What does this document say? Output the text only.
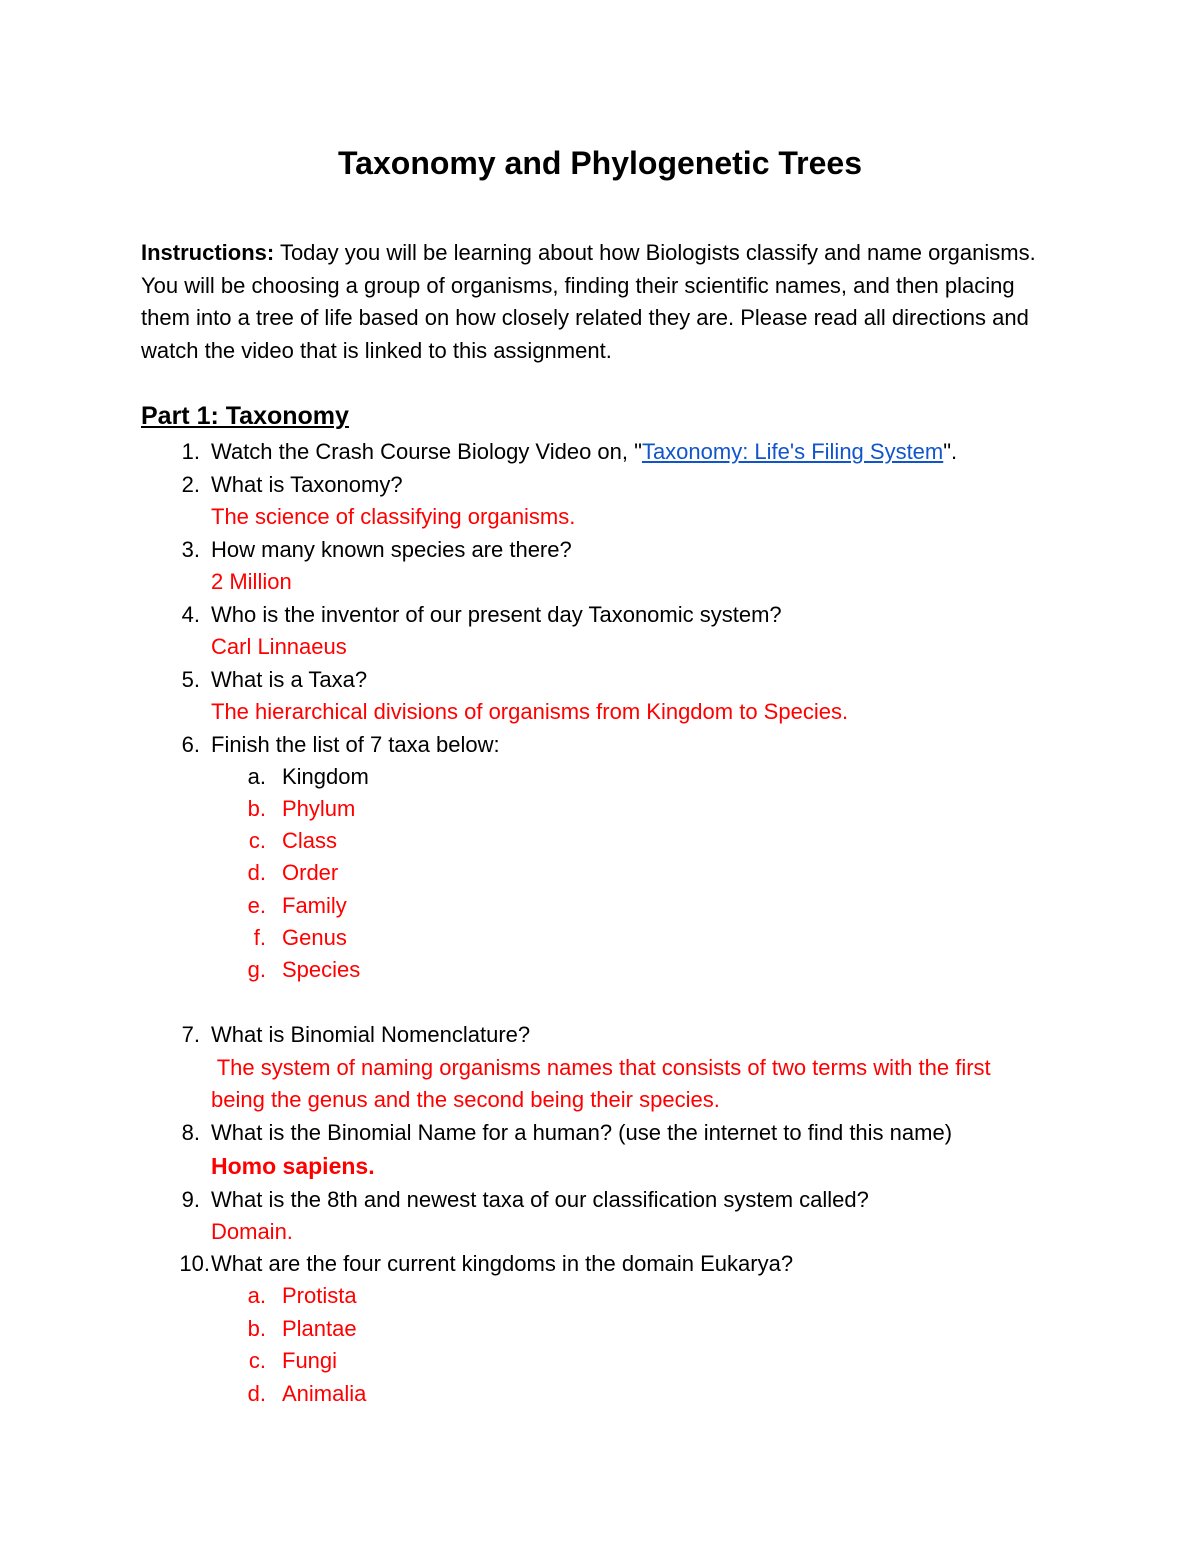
Taxonomy and Phylogenetic Trees

Instructions: Today you will be learning about how Biologists classify and name organisms. You will be choosing a group of organisms, finding their scientific names, and then placing them into a tree of life based on how closely related they are. Please read all directions and watch the video that is linked to this assignment.

Part 1: Taxonomy
1. Watch the Crash Course Biology Video on, "Taxonomy: Life's Filing System".
2. What is Taxonomy?
The science of classifying organisms.
3. How many known species are there?
2 Million
4. Who is the inventor of our present day Taxonomic system?
Carl Linnaeus
5. What is a Taxa?
The hierarchical divisions of organisms from Kingdom to Species.
6. Finish the list of 7 taxa below:
a. Kingdom
b. Phylum
c. Class
d. Order
e. Family
f. Genus
g. Species
7. What is Binomial Nomenclature?
The system of naming organisms names that consists of two terms with the first
being the genus and the second being their species.
8. What is the Binomial Name for a human? (use the internet to find this name)
Homo sapiens.
9. What is the 8th and newest taxa of our classification system called?
Domain.
10. What are the four current kingdoms in the domain Eukarya?
a. Protista
b. Plantae
c. Fungi
d. Animalia
